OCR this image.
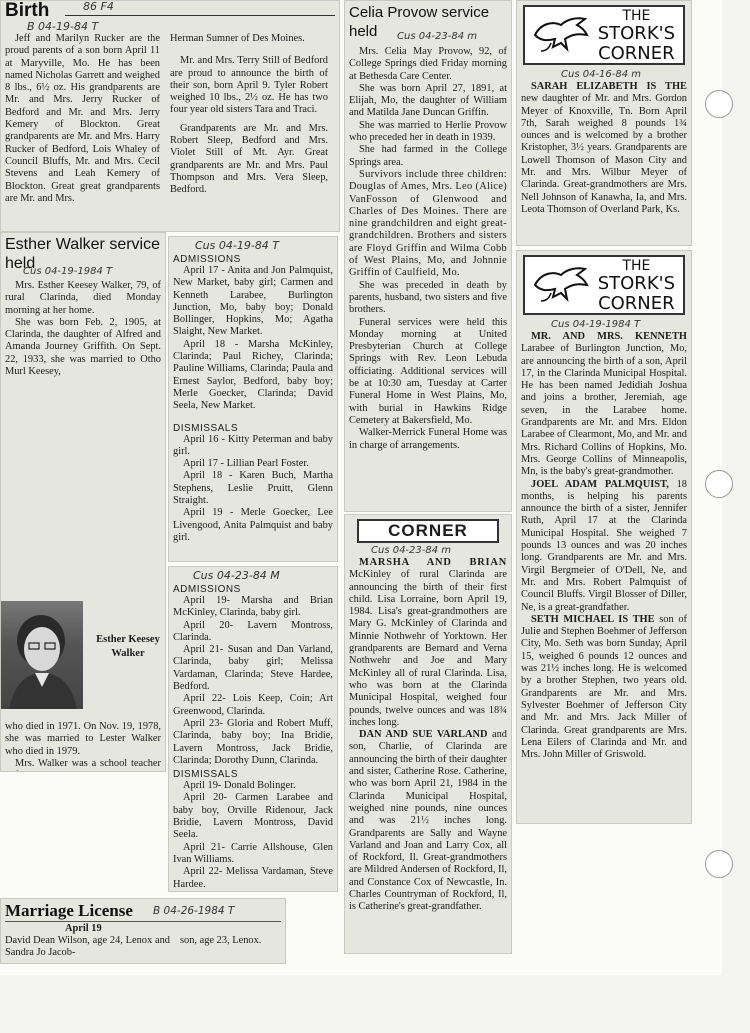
Birth	86 F4
B 04-19-84 T

Jeff and Marilyn Rucker are the proud parents of a son born April 11 at Maryville, Mo. He has been named Nicholas Garrett and weighed 8 lbs., 6½ oz. His grandparents are Mr. and Mrs. Jerry Rucker of Bedford and Mr. and Mrs. Jerry Kemery of Blockton. Great grandparents are Mr. and Mrs. Harry Rucker of Bedford, Lois Whaley of Council Bluffs, Mr. and Mrs. Cecil Stevens and Leah Kemery of Blockton. Great great grandparents are Mr. and Mrs.

Herman Sumner of Des Moines.

Mr. and Mrs. Terry Still of Bedford are proud to announce the birth of their son, born April 9. Tyler Robert weighed 10 lbs., 2½ oz. He has two four year old sisters Tara and Traci.

Grandparents are Mr. and Mrs. Robert Sleep, Bedford and Mrs. Violet Still of Mt. Ayr. Great grandparents are Mr. and Mrs. Paul Thompson and Mrs. Vera Sleep, Bedford.

Esther Walker service held
Cus 04-19-1984 T

Mrs. Esther Keesey Walker, 79, of rural Clarinda, died Monday morning at her home.

She was born Feb. 2, 1905, at Clarinda, the daughter of Alfred and Amanda Journey Griffith. On Sept. 22, 1933, she was married to Otho Murl Keesey,

Esther Keesey Walker

who died in 1971. On Nov. 19, 1978, she was married to Lester Walker who died in 1979.

Mrs. Walker was a school teacher

Cus 04-19-84 T
ADMISSIONS

April 17 - Anita and Jon Palmquist, New Market, baby girl; Carmen and Kenneth Larabee, Burlington Junction, Mo, baby boy; Donald Bollinger, Hopkins, Mo; Agatha Slaight, New Market.

April 18 - Marsha McKinley, Clarinda; Paul Richey, Clarinda; Pauline Williams, Clarinda; Paula and Ernest Saylor, Bedford, baby boy; Merle Goecker, Clarinda; David Seela, New Market.

DISMISSALS

April 16 - Kitty Peterman and baby girl.

April 17 - Lillian Pearl Foster.

April 18 - Karen Buch, Martha Stephens, Leslie Pruitt, Glenn Straight.

April 19 - Merle Goecker, Lee Livengood, Anita Palmquist and baby girl.

Cus 04-23-84 M
ADMISSIONS

April 19- Marsha and Brian McKinley, Clarinda, baby girl.

April 20- Lavern Montross, Clarinda.

April 21- Susan and Dan Varland, Clarinda, baby girl; Melissa Vardaman, Clarinda; Steve Hardee, Bedford.

April 22- Lois Keep, Coin; Art Greenwood, Clarinda.

April 23- Gloria and Robert Muff, Clarinda, baby boy; Ina Bridie, Lavern Montross, Jack Bridie, Clarinda; Dorothy Dunn, Clarinda.

DISMISSALS

April 19- Donald Bolinger.

April 20- Carmen Larabee and baby boy, Orville Ridenour, Jack Bridie, Lavern Montross, David Seela.

April 21- Carrie Allshouse, Glen Ivan Williams.

April 22- Melissa Vardaman, Steve Hardee.

Marriage License B 04-26-1984 T
April 19
David Dean Wilson, age 24, Lenox and Sandra Jo Jacob-
son, age 23, Lenox.
Celia Provow service held	Cus 04-23-84 m

Mrs. Celia May Provow, 92, of College Springs died Friday morning at Bethesda Care Center.

She was born April 27, 1891, at Elijah, Mo, the daughter of William and Matilda Jane Duncan Griffin.

She was married to Herlie Provow who preceded her in death in 1939.

She had farmed in the College Springs area.

Survivors include three children: Douglas of Ames, Mrs. Leo (Alice) VanFosson of Glenwood and Charles of Des Moines. There are nine grandchildren and eight great-grandchildren. Brothers and sisters are Floyd Griffin and Wilma Cobb of West Plains, Mo, and Johnnie Griffin of Caulfield, Mo.

She was preceded in death by parents, husband, two sisters and five brothers.

Funeral services were held this Monday morning at United Presbyterian Church at College Springs with Rev. Leon Lebuda officiating. Additional services will be at 10:30 am, Tuesday at Carter Funeral Home in West Plains, Mo, with burial in Hawkins Ridge Cemetery at Bakersfield, Mo.

Walker-Merrick Funeral Home was in charge of arrangements.

CORNER
Cus 04-23-84 m

MARSHA AND BRIAN McKinley of rural Clarinda are announcing the birth of their first child. Lisa Lorraine, born April 19, 1984. Lisa's great-grandmothers are Mary G. McKinley of Clarinda and Minnie Nothwehr of Yorktown. Her grandparents are Bernard and Verna Nothwehr and Joe and Mary McKinley all of rural Clarinda. Lisa, who was born at the Clarinda Municipal Hospital, weighed four pounds, twelve ounces and was 18¾ inches long.

DAN AND SUE VARLAND and son, Charlie, of Clarinda are announcing the birth of their daughter and sister, Catherine Rose. Catherine, who was born April 21, 1984 in the Clarinda Municipal Hospital, weighed nine pounds, nine ounces and was 21½ inches long. Grandparents are Sally and Wayne Varland and Joan and Larry Cox, all of Rockford, Il. Great-grandmothers are Mildred Andersen of Rockford, Il, and Constance Cox of Newcastle, In. Charles Countryman of Rockford, Il, is Catherine's great-grandfather.

THE
STORK'S
CORNER
Cus 04-16-84 m

SARAH ELIZABETH IS THE new daughter of Mr. and Mrs. Gordon Meyer of Knoxville, Tn. Born April 7th, Sarah weighed 8 pounds 1¾ ounces and is welcomed by a brother Kristopher, 3½ years. Grandparents are Lowell Thomson of Mason City and Mr. and Mrs. Wilbur Meyer of Clarinda. Great-grandmothers are Mrs. Nell Johnson of Kanawha, Ia, and Mrs. Leota Thomson of Overland Park, Ks.

THE
STORK'S
CORNER
Cus 04-19-1984 T

MR. AND MRS. KENNETH Larabee of Burlington Junction, Mo, are announcing the birth of a son, April 17, in the Clarinda Municipal Hospital. He has been named Jedidiah Joshua and joins a brother, Jeremiah, age seven, in the Larabee home. Grandparents are Mr. and Mrs. Eldon Larabee of Clearmont, Mo, and Mr. and Mrs. Richard Collins of Hopkins, Mo. Mrs. George Collins of Minneapolis, Mn, is the baby's great-grandmother.

JOEL ADAM PALMQUIST, 18 months, is helping his parents announce the birth of a sister, Jennifer Ruth, April 17 at the Clarinda Municipal Hospital. She weighed 7 pounds 13 ounces and was 20 inches long. Grandparents are Mr. and Mrs. Virgil Bergmeier of O'Dell, Ne, and Mr. and Mrs. Robert Palmquist of Council Bluffs. Virgil Blosser of Diller, Ne, is a great-grandfather.

SETH MICHAEL IS THE son of Julie and Stephen Boehmer of Jefferson City, Mo. Seth was born Sunday, April 15, weighed 6 pounds 12 ounces and was 21½ inches long. He is welcomed by a brother Stephen, two years old. Grandparents are Mr. and Mrs. Sylvester Boehmer of Jefferson City and Mr. and Mrs. Jack Miller of Clarinda. Great grandparents are Mrs. Lena Eilers of Clarinda and Mr. and Mrs. John Miller of Griswold.
